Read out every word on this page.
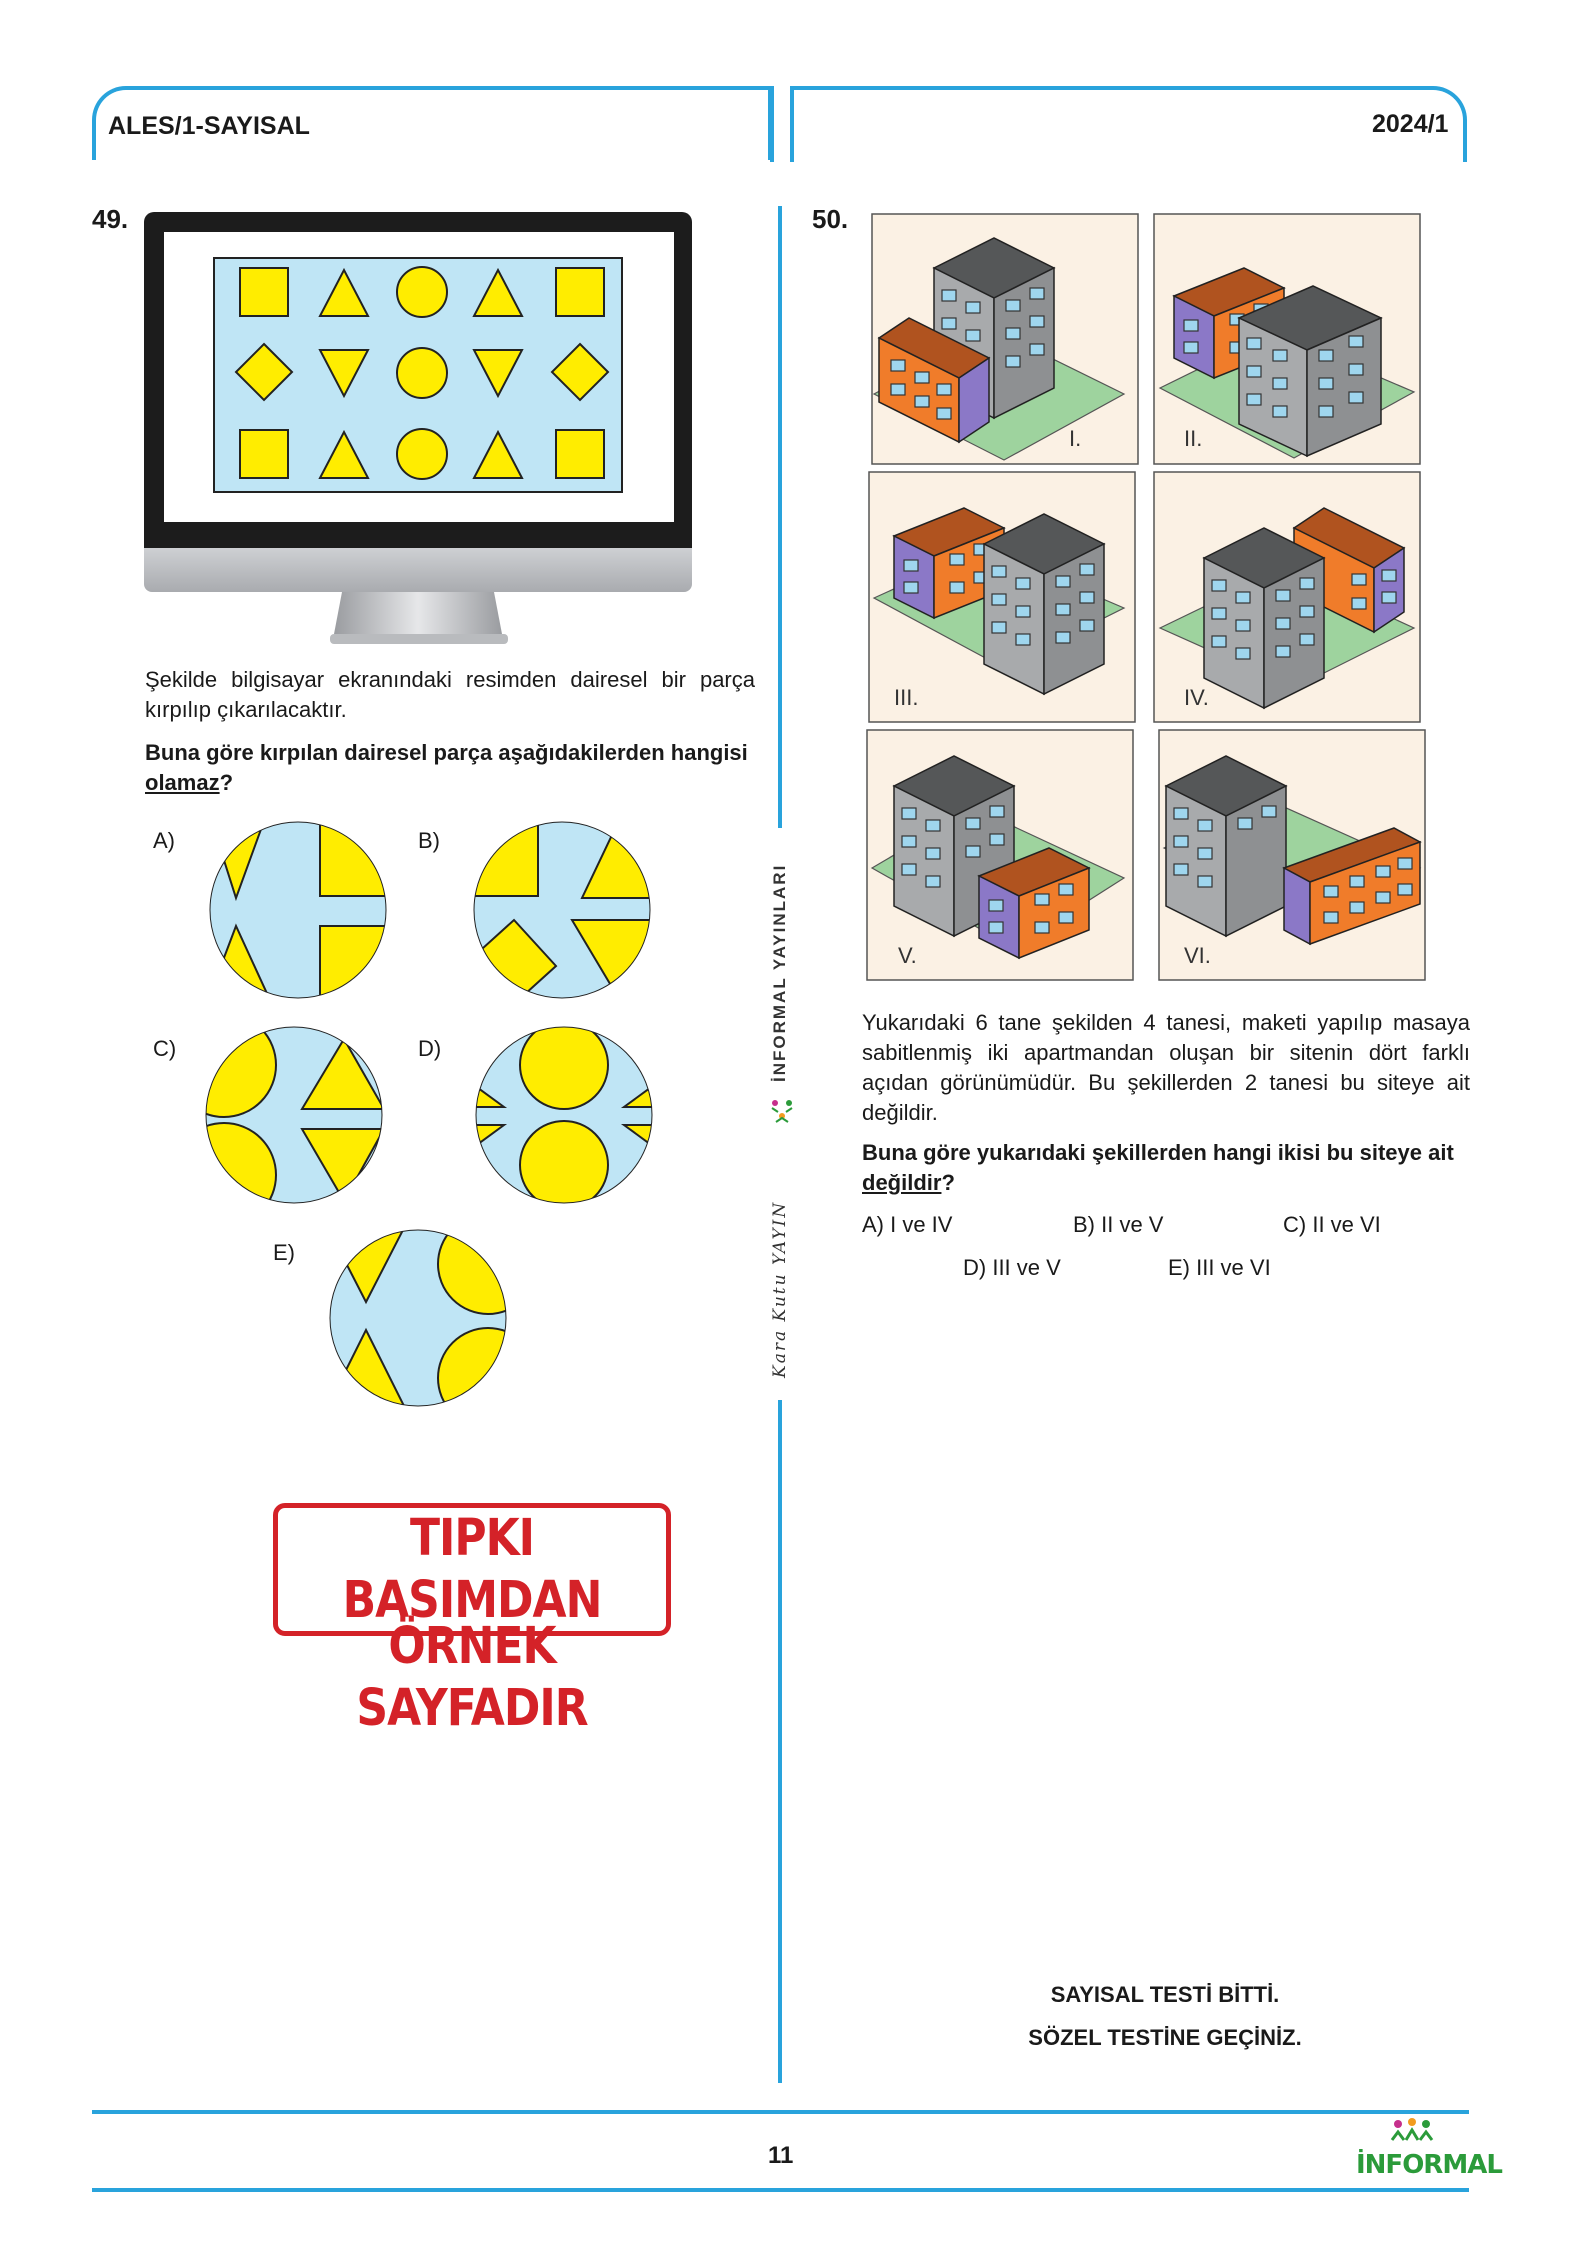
ALES/1-SAYISAL	2024/1
49.
Şekilde bilgisayar ekranındaki resimden dairesel bir parça kırpılıp çıkarılacaktır.
Buna göre kırpılan dairesel parça aşağıdakilerden hangisi olamaz?
A)	B)
C)	D)
E)
TIPKI BASIMDAN
ÖRNEK SAYFADIR
İNFORMAL YAYINLARI
Kara Kutu YAYIN
50.
I.	II.
III.	IV.
V.	VI.
Yukarıdaki 6 tane şekilden 4 tanesi, maketi yapılıp masaya sabitlenmiş iki apartmandan oluşan bir sitenin dört farklı açıdan görünümüdür. Bu şekillerden 2 tanesi bu siteye ait değildir.
Buna göre yukarıdaki şekillerden hangi ikisi bu siteye ait değildir?
A) I ve IV	B) II ve V	C) II ve VI
D) III ve V	E) III ve VI
SAYISAL TESTİ BİTTİ.
SÖZEL TESTİNE GEÇİNİZ.
11	İNFORMAL
